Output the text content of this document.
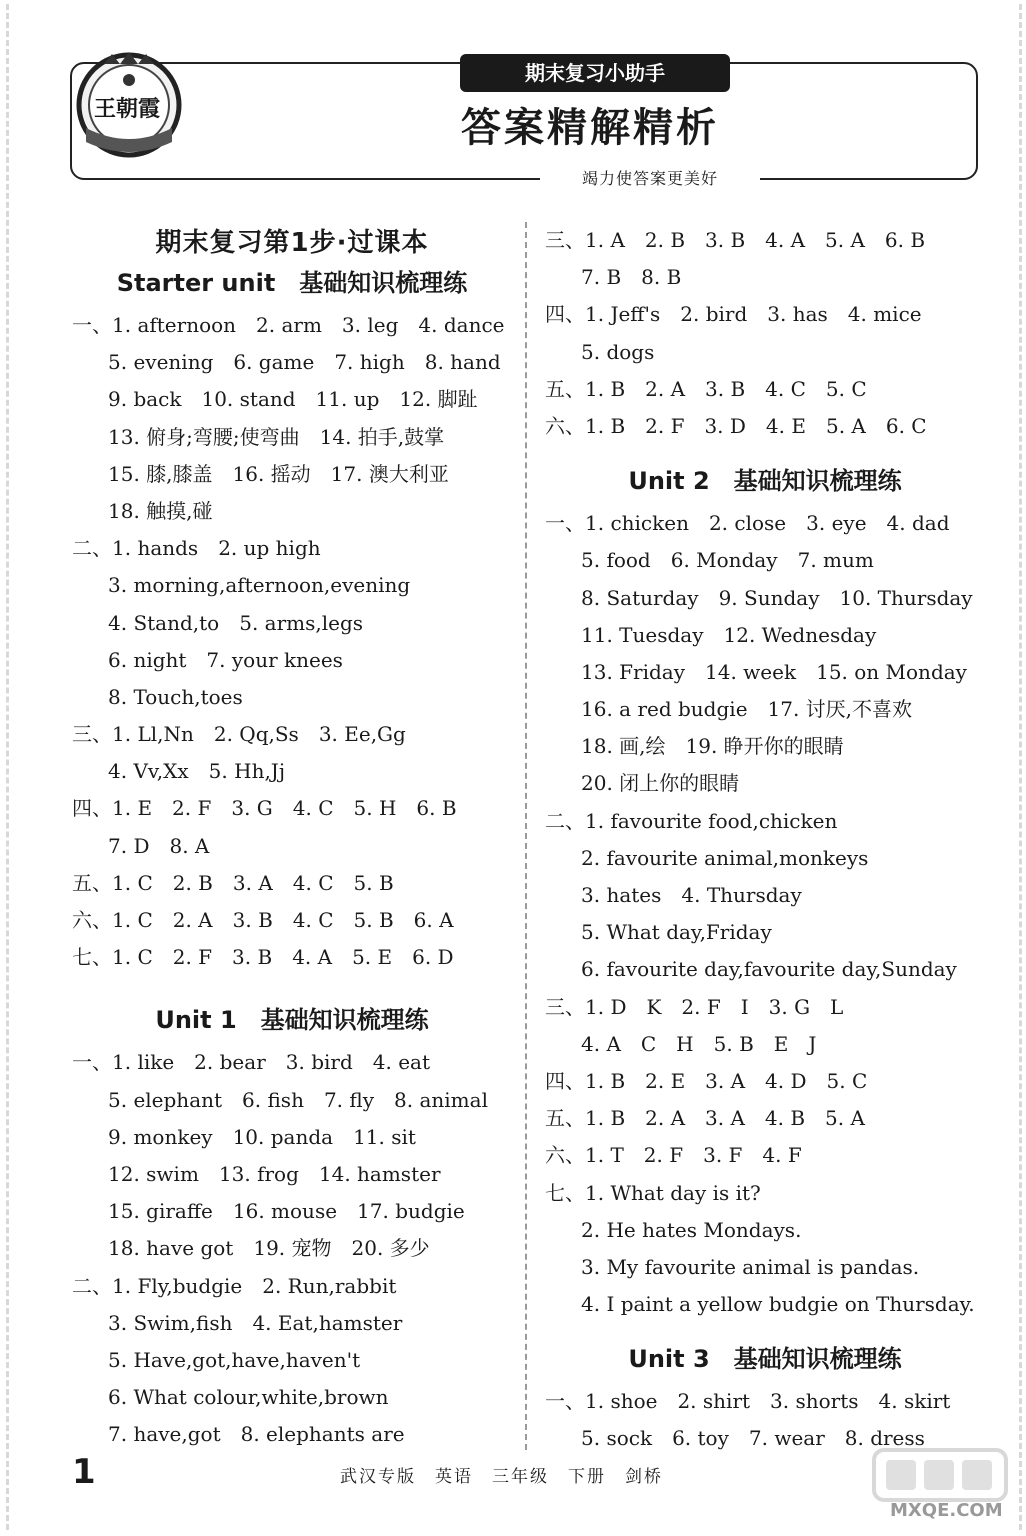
王朝霞
期末复习小助手
答案精解精析
竭力使答案更美好
期末复习第1步·过课本
Starter unit　基础知识梳理练
一、1. afternoon　2. arm　3. leg　4. dance
5. evening　6. game　7. high　8. hand
9. back　10. stand　11. up　12. 脚趾
13. 俯身;弯腰;使弯曲　14. 拍手,鼓掌
15. 膝,膝盖　16. 摇动　17. 澳大利亚
18. 触摸,碰
二、1. hands　2. up high
3. morning,afternoon,evening
4. Stand,to　5. arms,legs
6. night　7. your knees
8. Touch,toes
三、1. Ll,Nn　2. Qq,Ss　3. Ee,Gg
4. Vv,Xx　5. Hh,Jj
四、1. E　2. F　3. G　4. C　5. H　6. B
7. D　8. A
五、1. C　2. B　3. A　4. C　5. B
六、1. C　2. A　3. B　4. C　5. B　6. A
七、1. C　2. F　3. B　4. A　5. E　6. D
Unit 1　基础知识梳理练
一、1. like　2. bear　3. bird　4. eat
5. elephant　6. fish　7. fly　8. animal
9. monkey　10. panda　11. sit
12. swim　13. frog　14. hamster
15. giraffe　16. mouse　17. budgie
18. have got　19. 宠物　20. 多少
二、1. Fly,budgie　2. Run,rabbit
3. Swim,fish　4. Eat,hamster
5. Have,got,have,haven't
6. What colour,white,brown
7. have,got　8. elephants are
三、1. A　2. B　3. B　4. A　5. A　6. B
7. B　8. B
四、1. Jeff's　2. bird　3. has　4. mice
5. dogs
五、1. B　2. A　3. B　4. C　5. C
六、1. B　2. F　3. D　4. E　5. A　6. C
Unit 2　基础知识梳理练
一、1. chicken　2. close　3. eye　4. dad
5. food　6. Monday　7. mum
8. Saturday　9. Sunday　10. Thursday
11. Tuesday　12. Wednesday
13. Friday　14. week　15. on Monday
16. a red budgie　17. 讨厌,不喜欢
18. 画,绘　19. 睁开你的眼睛
20. 闭上你的眼睛
二、1. favourite food,chicken
2. favourite animal,monkeys
3. hates　4. Thursday
5. What day,Friday
6. favourite day,favourite day,Sunday
三、1. D　K　2. F　I　3. G　L
4. A　C　H　5. B　E　J
四、1. B　2. E　3. A　4. D　5. C
五、1. B　2. A　3. A　4. B　5. A
六、1. T　2. F　3. F　4. F
七、1. What day is it?
2. He hates Mondays.
3. My favourite animal is pandas.
4. I paint a yellow budgie on Thursday.
Unit 3　基础知识梳理练
一、1. shoe　2. shirt　3. shorts　4. skirt
5. sock　6. toy　7. wear　8. dress
1	武汉专版　英语　三年级　下册　剑桥
MXQE.COM
